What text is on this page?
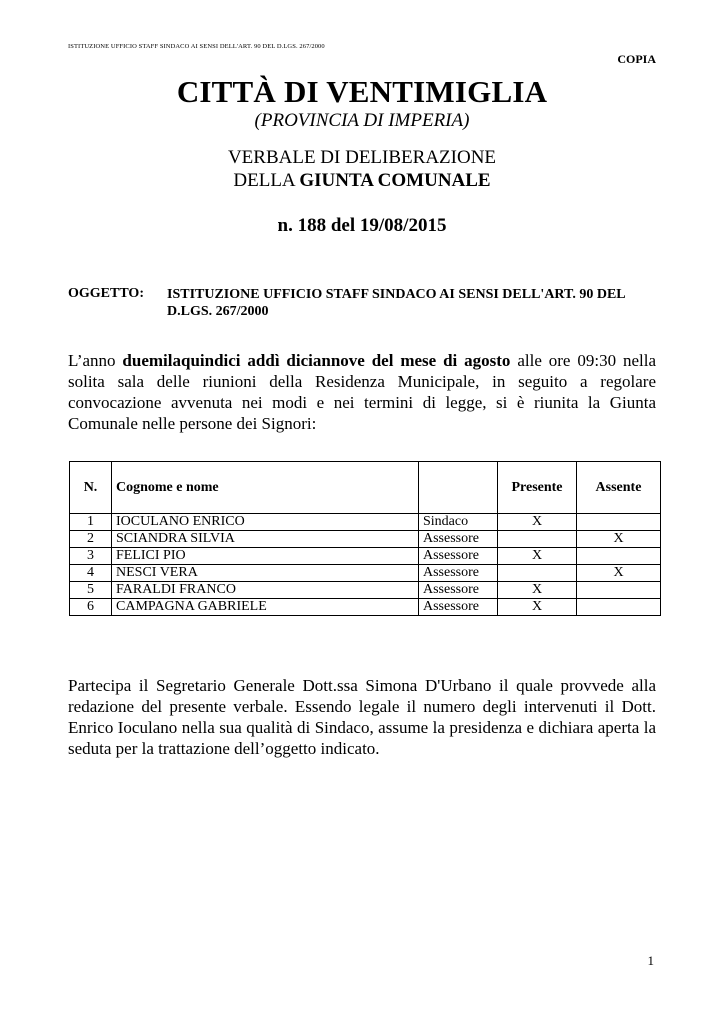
ISTITUZIONE UFFICIO STAFF SINDACO AI SENSI DELL'ART. 90 DEL D.LGS. 267/2000
COPIA
CITTÀ DI VENTIMIGLIA
(PROVINCIA DI IMPERIA)
VERBALE DI DELIBERAZIONE
DELLA GIUNTA COMUNALE
n. 188 del 19/08/2015
OGGETTO: ISTITUZIONE UFFICIO STAFF SINDACO AI SENSI DELL'ART. 90 DEL D.LGS. 267/2000
L’anno duemilaquindici addì diciannove del mese di agosto alle ore 09:30 nella solita sala delle riunioni della Residenza Municipale, in seguito a regolare convocazione avvenuta nei modi e nei termini di legge, si è riunita la Giunta Comunale nelle persone dei Signori:
N.	Cognome e nome		Presente	Assente
1	IOCULANO ENRICO	Sindaco	X	
2	SCIANDRA SILVIA	Assessore		X
3	FELICI PIO	Assessore	X	
4	NESCI VERA	Assessore		X
5	FARALDI FRANCO	Assessore	X	
6	CAMPAGNA GABRIELE	Assessore	X	
Partecipa il Segretario Generale Dott.ssa Simona D'Urbano il quale provvede alla redazione del presente verbale. Essendo legale il numero degli intervenuti il Dott. Enrico Ioculano nella sua qualità di Sindaco, assume la presidenza e dichiara aperta la seduta per la trattazione dell’oggetto indicato.
1
